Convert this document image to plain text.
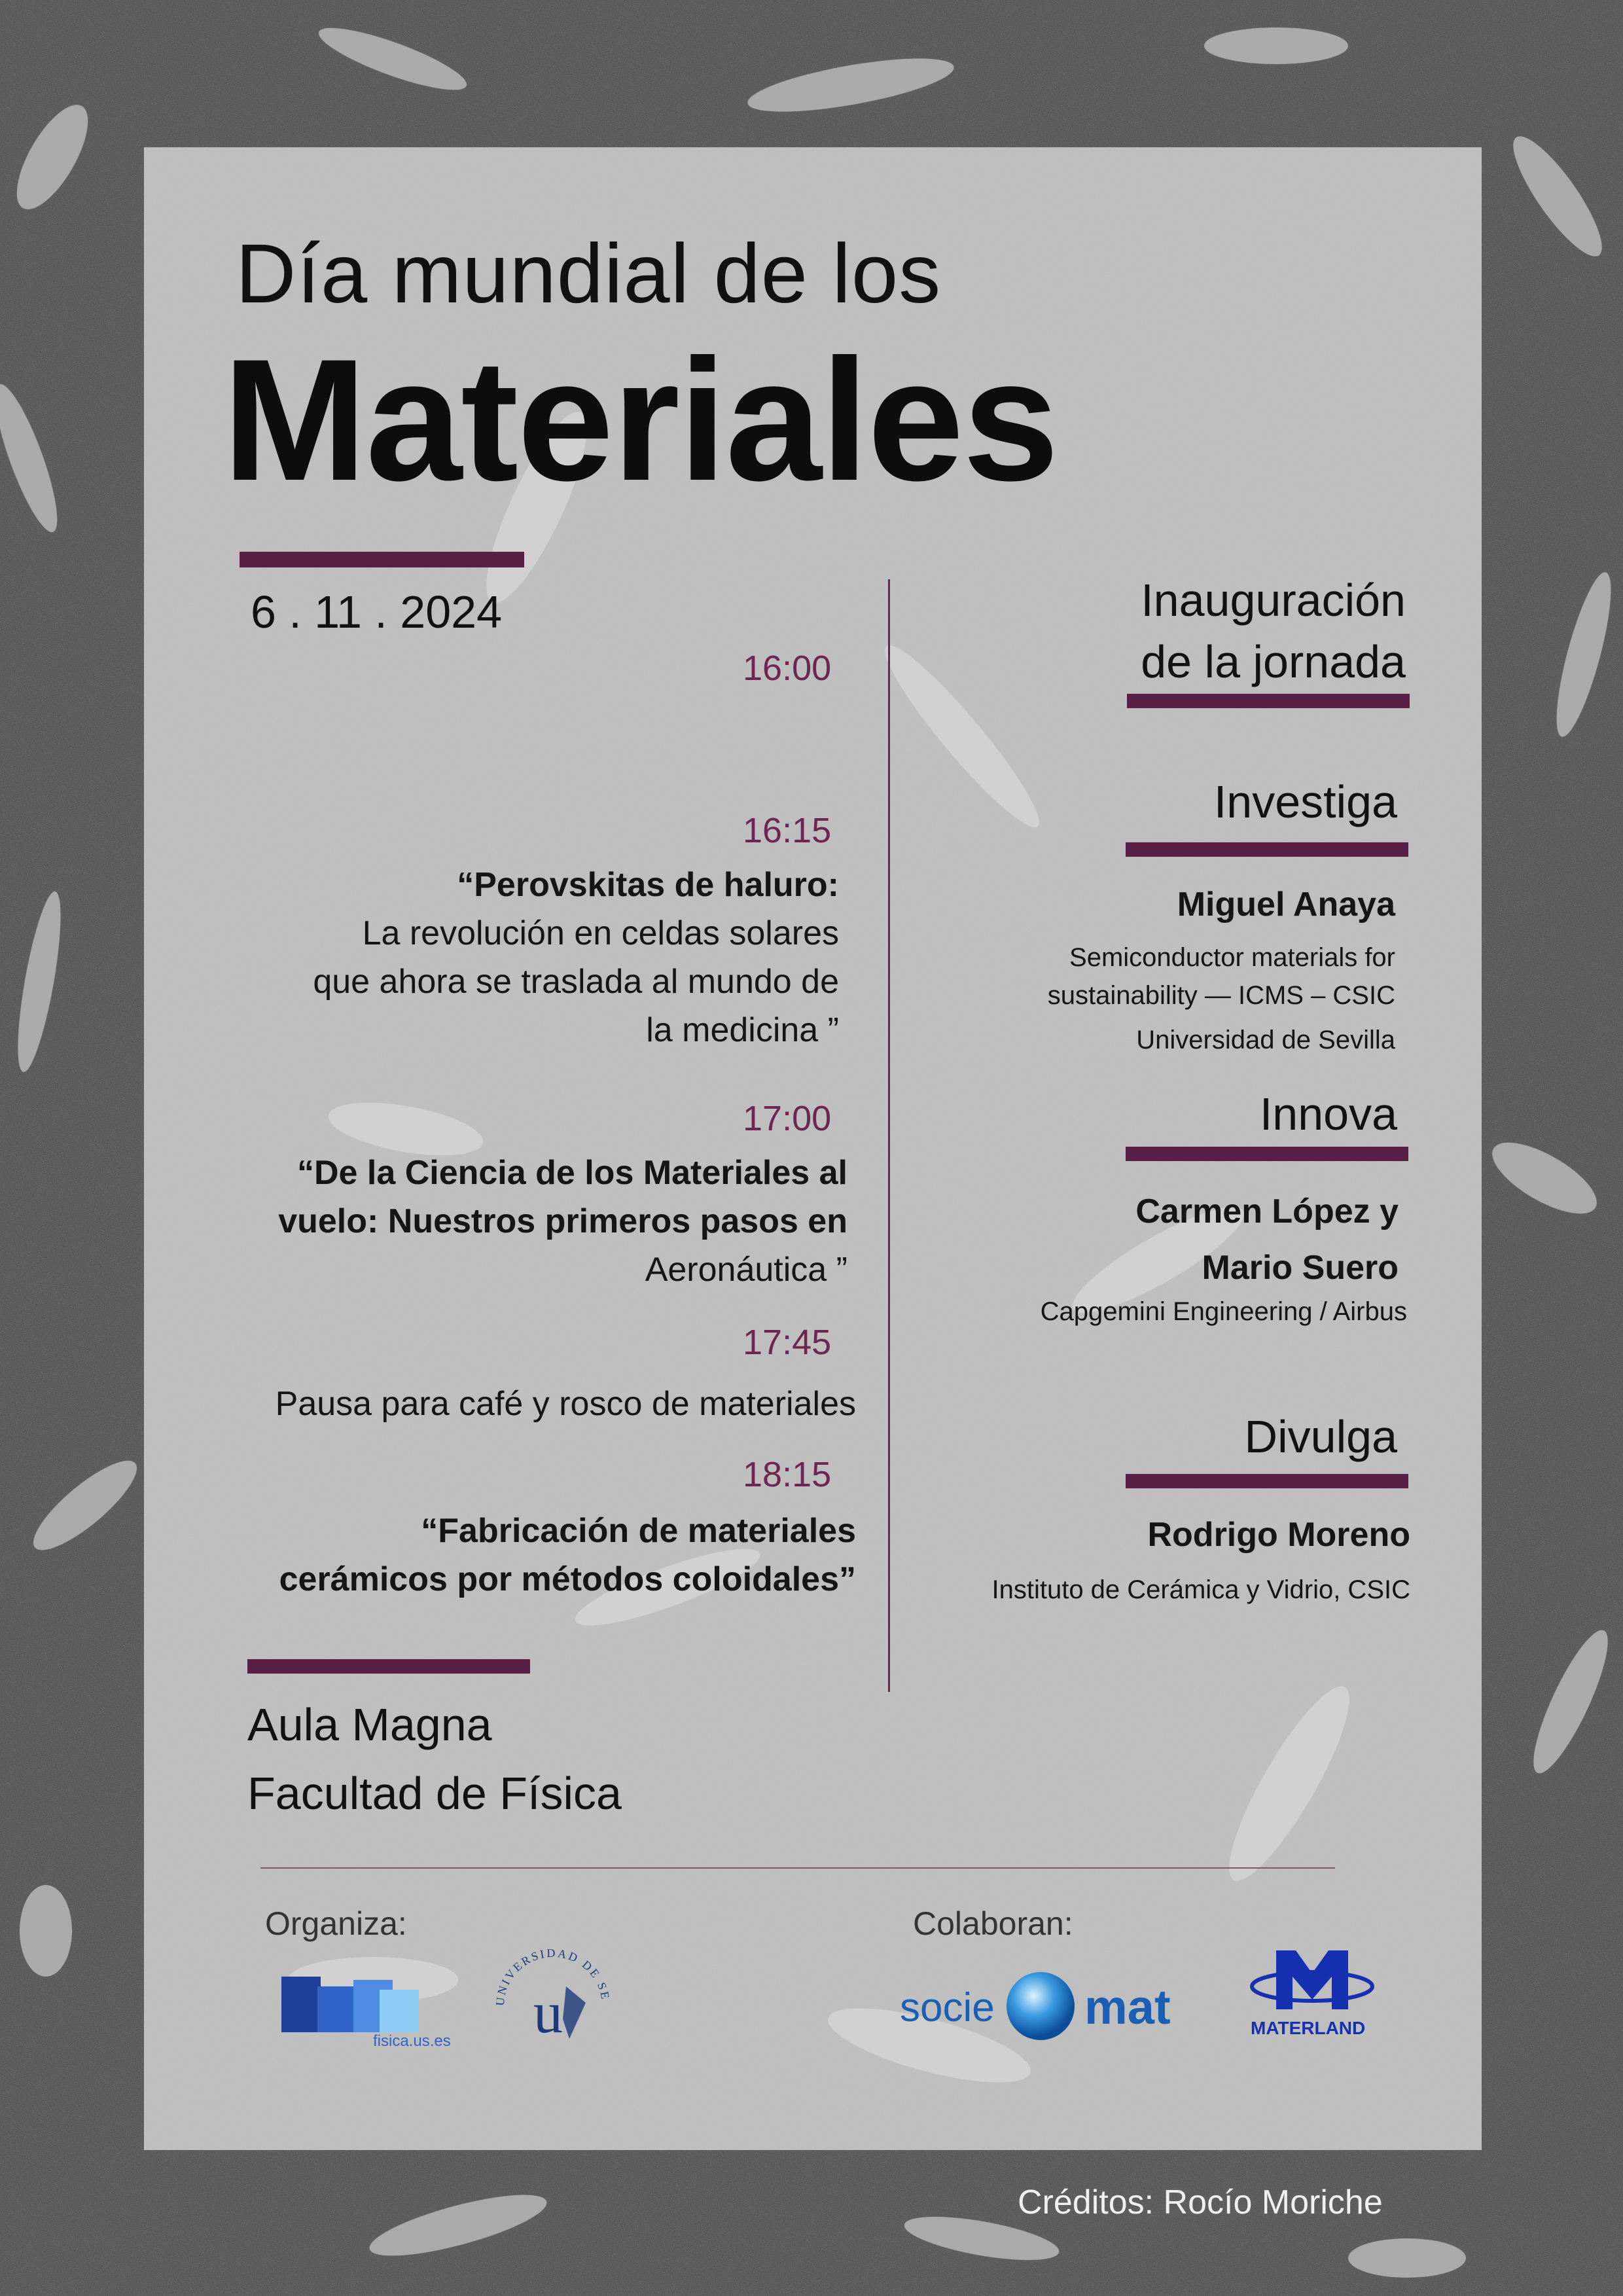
Día mundial de los

Materiales

6 . 11 . 2024

16:00

16:15

“Perovskitas de haluro:
La revolución en celdas solares
que ahora se traslada al mundo de
la medicina ”

17:00

“De la Ciencia de los Materiales al
vuelo: Nuestros primeros pasos en
Aeronáutica ”

17:45

Pausa para café y rosco de materiales

18:15

“Fabricación de materiales
cerámicos por métodos coloidales”
Inauguración
de la jornada

Investiga

Miguel Anaya

Semiconductor materials for
sustainability — ICMS – CSIC
Universidad de Sevilla

Innova

Carmen López y
Mario Suero

Capgemini Engineering / Airbus

Divulga

Rodrigo Moreno

Instituto de Cerámica y Vidrio, CSIC

Aula Magna

Facultad de Física

Organiza:

fisica.us.es
UNIVERSIDAD DE SE
u

Colaboran:

socie mat	MATERLAND

Créditos: Rocío Moriche
